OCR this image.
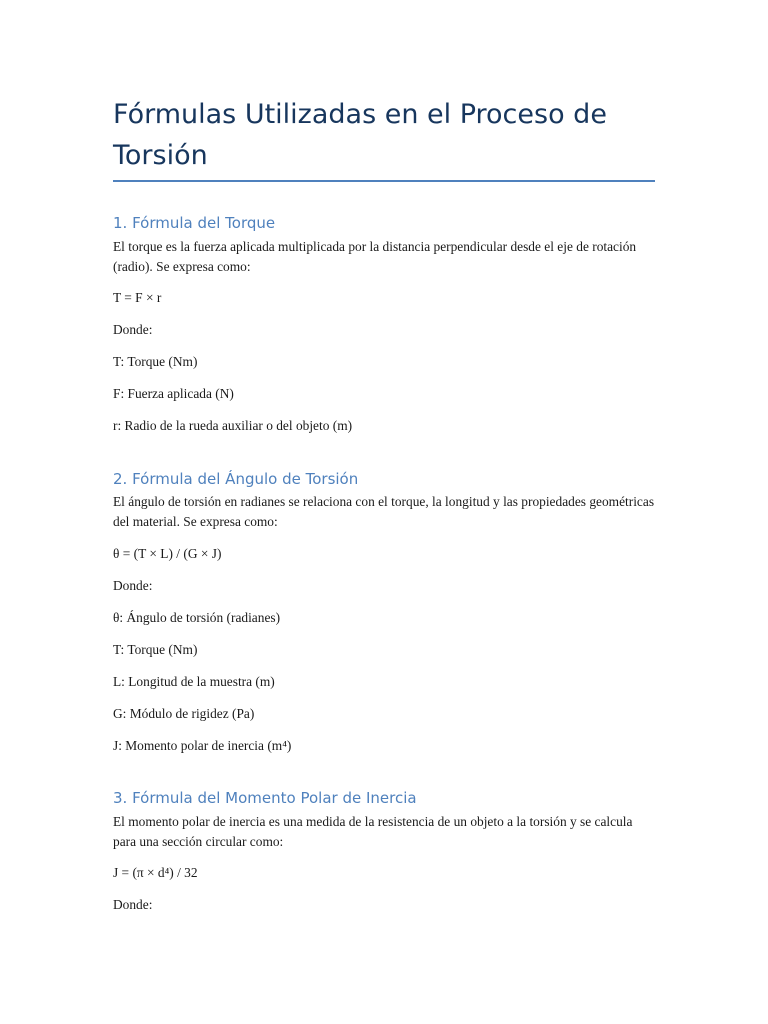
Fórmulas Utilizadas en el Proceso de Torsión
1. Fórmula del Torque

El torque es la fuerza aplicada multiplicada por la distancia perpendicular desde el eje de rotación (radio). Se expresa como:

T = F × r

Donde:

T: Torque (Nm)

F: Fuerza aplicada (N)

r: Radio de la rueda auxiliar o del objeto (m)

2. Fórmula del Ángulo de Torsión

El ángulo de torsión en radianes se relaciona con el torque, la longitud y las propiedades geométricas del material. Se expresa como:

θ = (T × L) / (G × J)

Donde:

θ: Ángulo de torsión (radianes)

T: Torque (Nm)

L: Longitud de la muestra (m)

G: Módulo de rigidez (Pa)

J: Momento polar de inercia (m⁴)

3. Fórmula del Momento Polar de Inercia

El momento polar de inercia es una medida de la resistencia de un objeto a la torsión y se calcula para una sección circular como:

J = (π × d⁴) / 32

Donde:
